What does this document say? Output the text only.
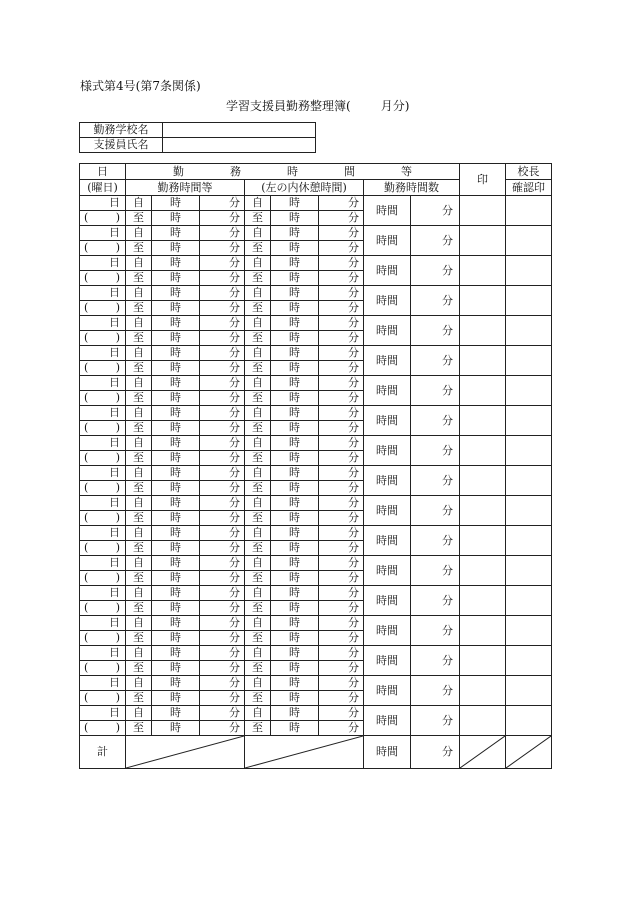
様式第4号(第7条関係)
学習支援員勤務整理簿(	月分)
勤務学校名	
支援員氏名	
日	勤 務 時 間 等								印	校長
(曜日)	勤務時間等			(左の内休憩時間)			勤務時間数			確認印
日	自	時	分	自	時	分	時間	分		
( )	至	時	分	至	時	分				
日	自	時	分	自	時	分	時間	分		
( )	至	時	分	至	時	分				
日	自	時	分	自	時	分	時間	分		
( )	至	時	分	至	時	分				
日	自	時	分	自	時	分	時間	分		
( )	至	時	分	至	時	分				
日	自	時	分	自	時	分	時間	分		
( )	至	時	分	至	時	分				
日	自	時	分	自	時	分	時間	分		
( )	至	時	分	至	時	分				
日	自	時	分	自	時	分	時間	分		
( )	至	時	分	至	時	分				
日	自	時	分	自	時	分	時間	分		
( )	至	時	分	至	時	分				
日	自	時	分	自	時	分	時間	分		
( )	至	時	分	至	時	分				
日	自	時	分	自	時	分	時間	分		
( )	至	時	分	至	時	分				
日	自	時	分	自	時	分	時間	分		
( )	至	時	分	至	時	分				
日	自	時	分	自	時	分	時間	分		
( )	至	時	分	至	時	分				
日	自	時	分	自	時	分	時間	分		
( )	至	時	分	至	時	分				
日	自	時	分	自	時	分	時間	分		
( )	至	時	分	至	時	分				
日	自	時	分	自	時	分	時間	分		
( )	至	時	分	至	時	分				
日	自	時	分	自	時	分	時間	分		
( )	至	時	分	至	時	分				
日	自	時	分	自	時	分	時間	分		
( )	至	時	分	至	時	分				
日	自	時	分	自	時	分	時間	分		
( )	至	時	分	至	時	分				
計							時間	分	
